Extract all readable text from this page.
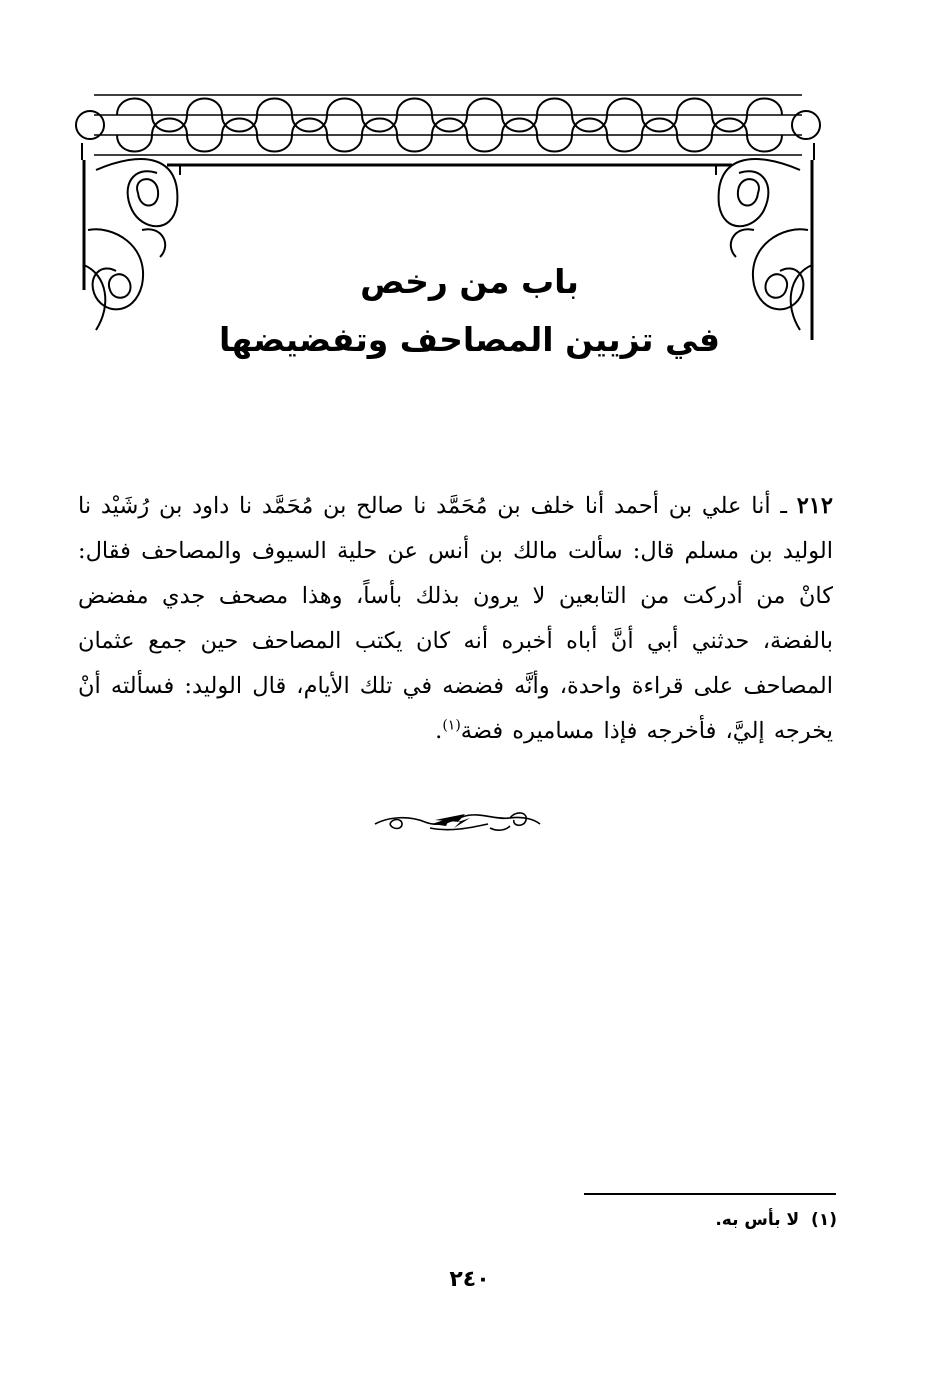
باب من رخص
في تزيين المصاحف وتفضيضها
٢١٢ ـ أنا علي بن أحمد أنا خلف بن مُحَمَّد نا صالح بن مُحَمَّد نا داود بن رُشَيْد نا الوليد بن مسلم قال: سألت مالك بن أنس عن حلية السيوف والمصاحف فقال: كانْ من أدركت من التابعين لا يرون بذلك بأساً، وهذا مصحف جدي مفضض بالفضة، حدثني أبي أنَّ أباه أخبره أنه كان يكتب المصاحف حين جمع عثمان المصاحف على قراءة واحدة، وأنَّه فضضه في تلك الأيام، قال الوليد: فسألته أنْ يخرجه إليَّ، فأخرجه فإذا مساميره فضة$^{(١)}$.
(١)  لا بأس به.
٢٤٠
